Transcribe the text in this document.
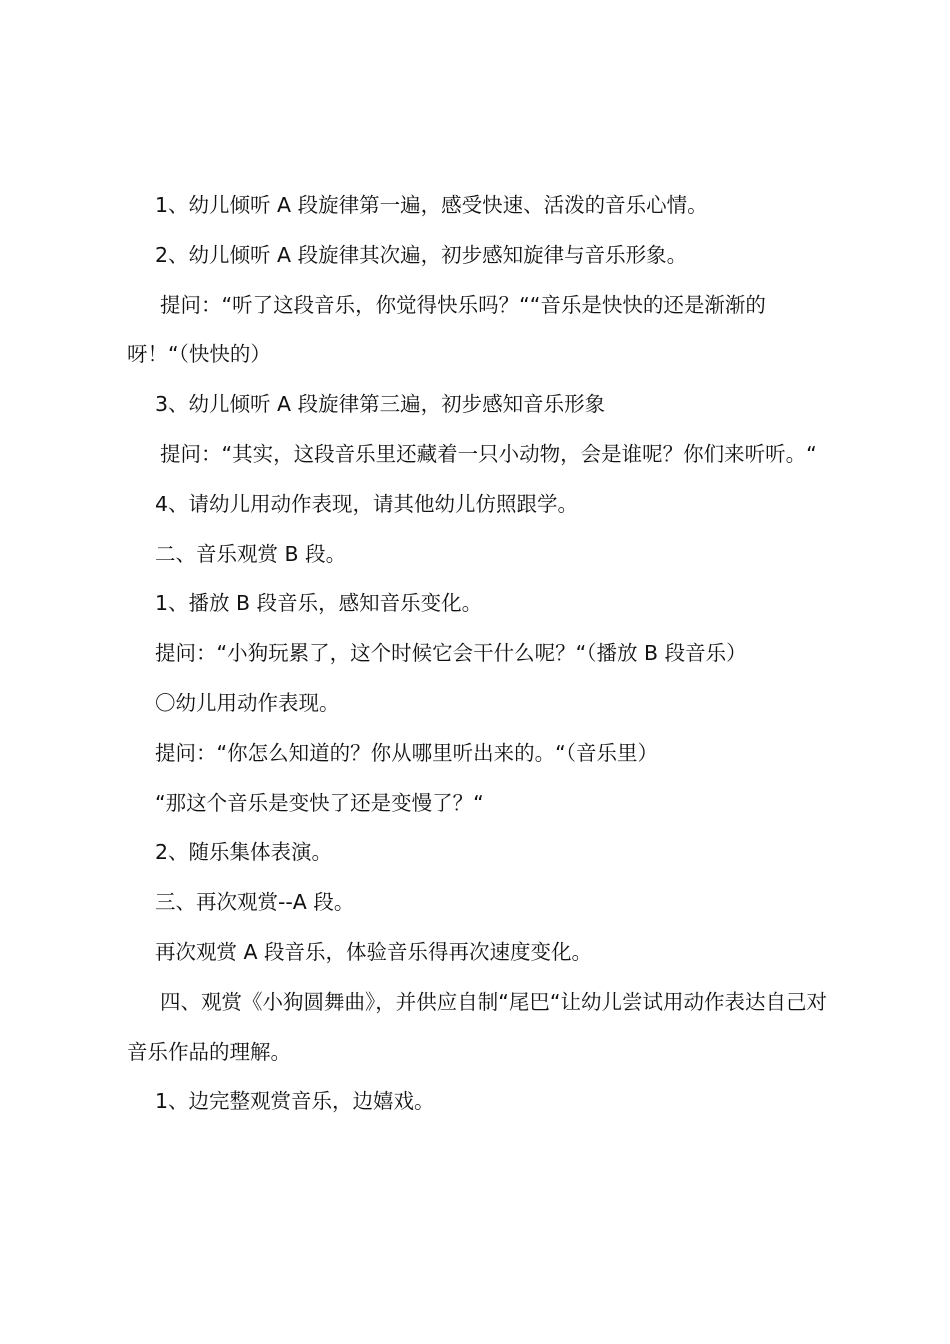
1、幼儿倾听 A 段旋律第一遍，感受快速、活泼的音乐心情。

2、幼儿倾听 A 段旋律其次遍，初步感知旋律与音乐形象。

提问：“听了这段音乐，你觉得快乐吗？““音乐是快快的还是渐渐的呀！“（快快的）

3、幼儿倾听 A 段旋律第三遍，初步感知音乐形象

提问：“其实，这段音乐里还藏着一只小动物，会是谁呢？你们来听听。“

4、请幼儿用动作表现，请其他幼儿仿照跟学。

二、音乐观赏 B 段。

1、播放 B 段音乐，感知音乐变化。

提问：“小狗玩累了，这个时候它会干什么呢？“（播放 B 段音乐）

〇幼儿用动作表现。

提问：“你怎么知道的？你从哪里听出来的。“（音乐里）

“那这个音乐是变快了还是变慢了？“

2、随乐集体表演。

三、再次观赏--A 段。

再次观赏 A 段音乐，体验音乐得再次速度变化。

四、观赏《小狗圆舞曲》，并供应自制“尾巴“让幼儿尝试用动作表达自己对音乐作品的理解。

1、边完整观赏音乐，边嬉戏。
